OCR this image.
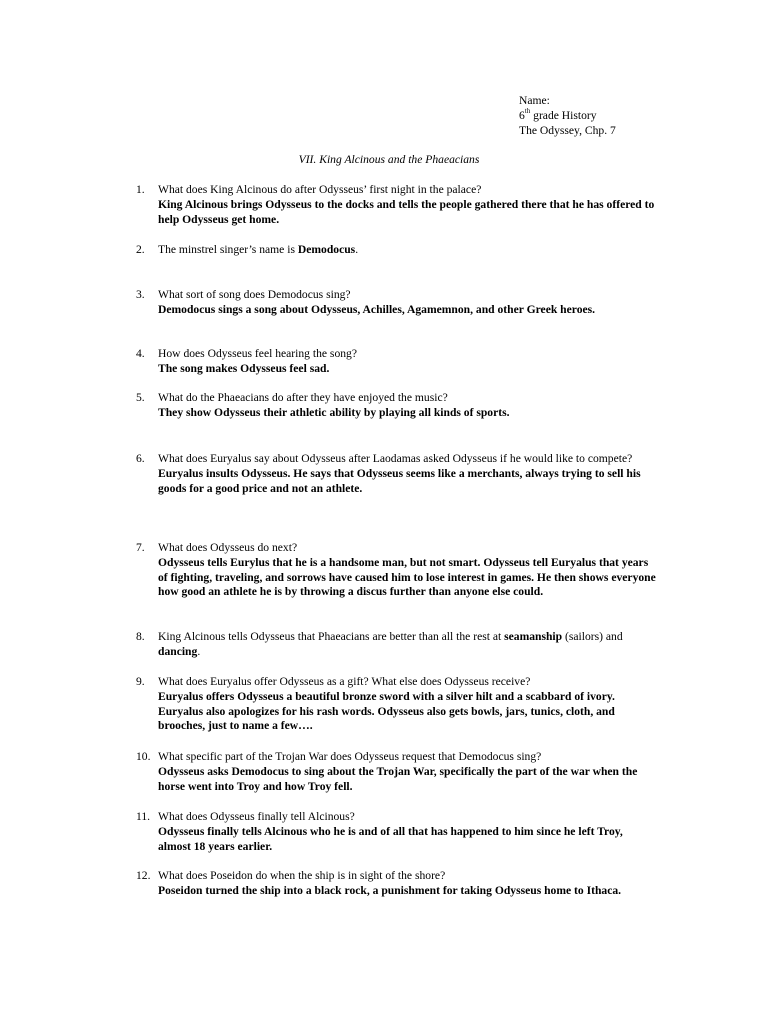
Name:
6th grade History
The Odyssey, Chp. 7
VII. King Alcinous and the Phaeacians
1. What does King Alcinous do after Odysseus’ first night in the palace?
King Alcinous brings Odysseus to the docks and tells the people gathered there that he has offered to help Odysseus get home.
2. The minstrel singer’s name is Demodocus.
3. What sort of song does Demodocus sing?
Demodocus sings a song about Odysseus, Achilles, Agamemnon, and other Greek heroes.
4. How does Odysseus feel hearing the song?
The song makes Odysseus feel sad.
5. What do the Phaeacians do after they have enjoyed the music?
They show Odysseus their athletic ability by playing all kinds of sports.
6. What does Euryalus say about Odysseus after Laodamas asked Odysseus if he would like to compete?
Euryalus insults Odysseus. He says that Odysseus seems like a merchants, always trying to sell his goods for a good price and not an athlete.
7. What does Odysseus do next?
Odysseus tells Eurylus that he is a handsome man, but not smart. Odysseus tell Euryalus that years of fighting, traveling, and sorrows have caused him to lose interest in games. He then shows everyone how good an athlete he is by throwing a discus further than anyone else could.
8. King Alcinous tells Odysseus that Phaeacians are better than all the rest at seamanship (sailors) and dancing.
9. What does Euryalus offer Odysseus as a gift? What else does Odysseus receive?
Euryalus offers Odysseus a beautiful bronze sword with a silver hilt and a scabbard of ivory. Euryalus also apologizes for his rash words. Odysseus also gets bowls, jars, tunics, cloth, and brooches, just to name a few….
10. What specific part of the Trojan War does Odysseus request that Demodocus sing?
Odysseus asks Demodocus to sing about the Trojan War, specifically the part of the war when the horse went into Troy and how Troy fell.
11. What does Odysseus finally tell Alcinous?
Odysseus finally tells Alcinous who he is and of all that has happened to him since he left Troy, almost 18 years earlier.
12. What does Poseidon do when the ship is in sight of the shore?
Poseidon turned the ship into a black rock, a punishment for taking Odysseus home to Ithaca.
